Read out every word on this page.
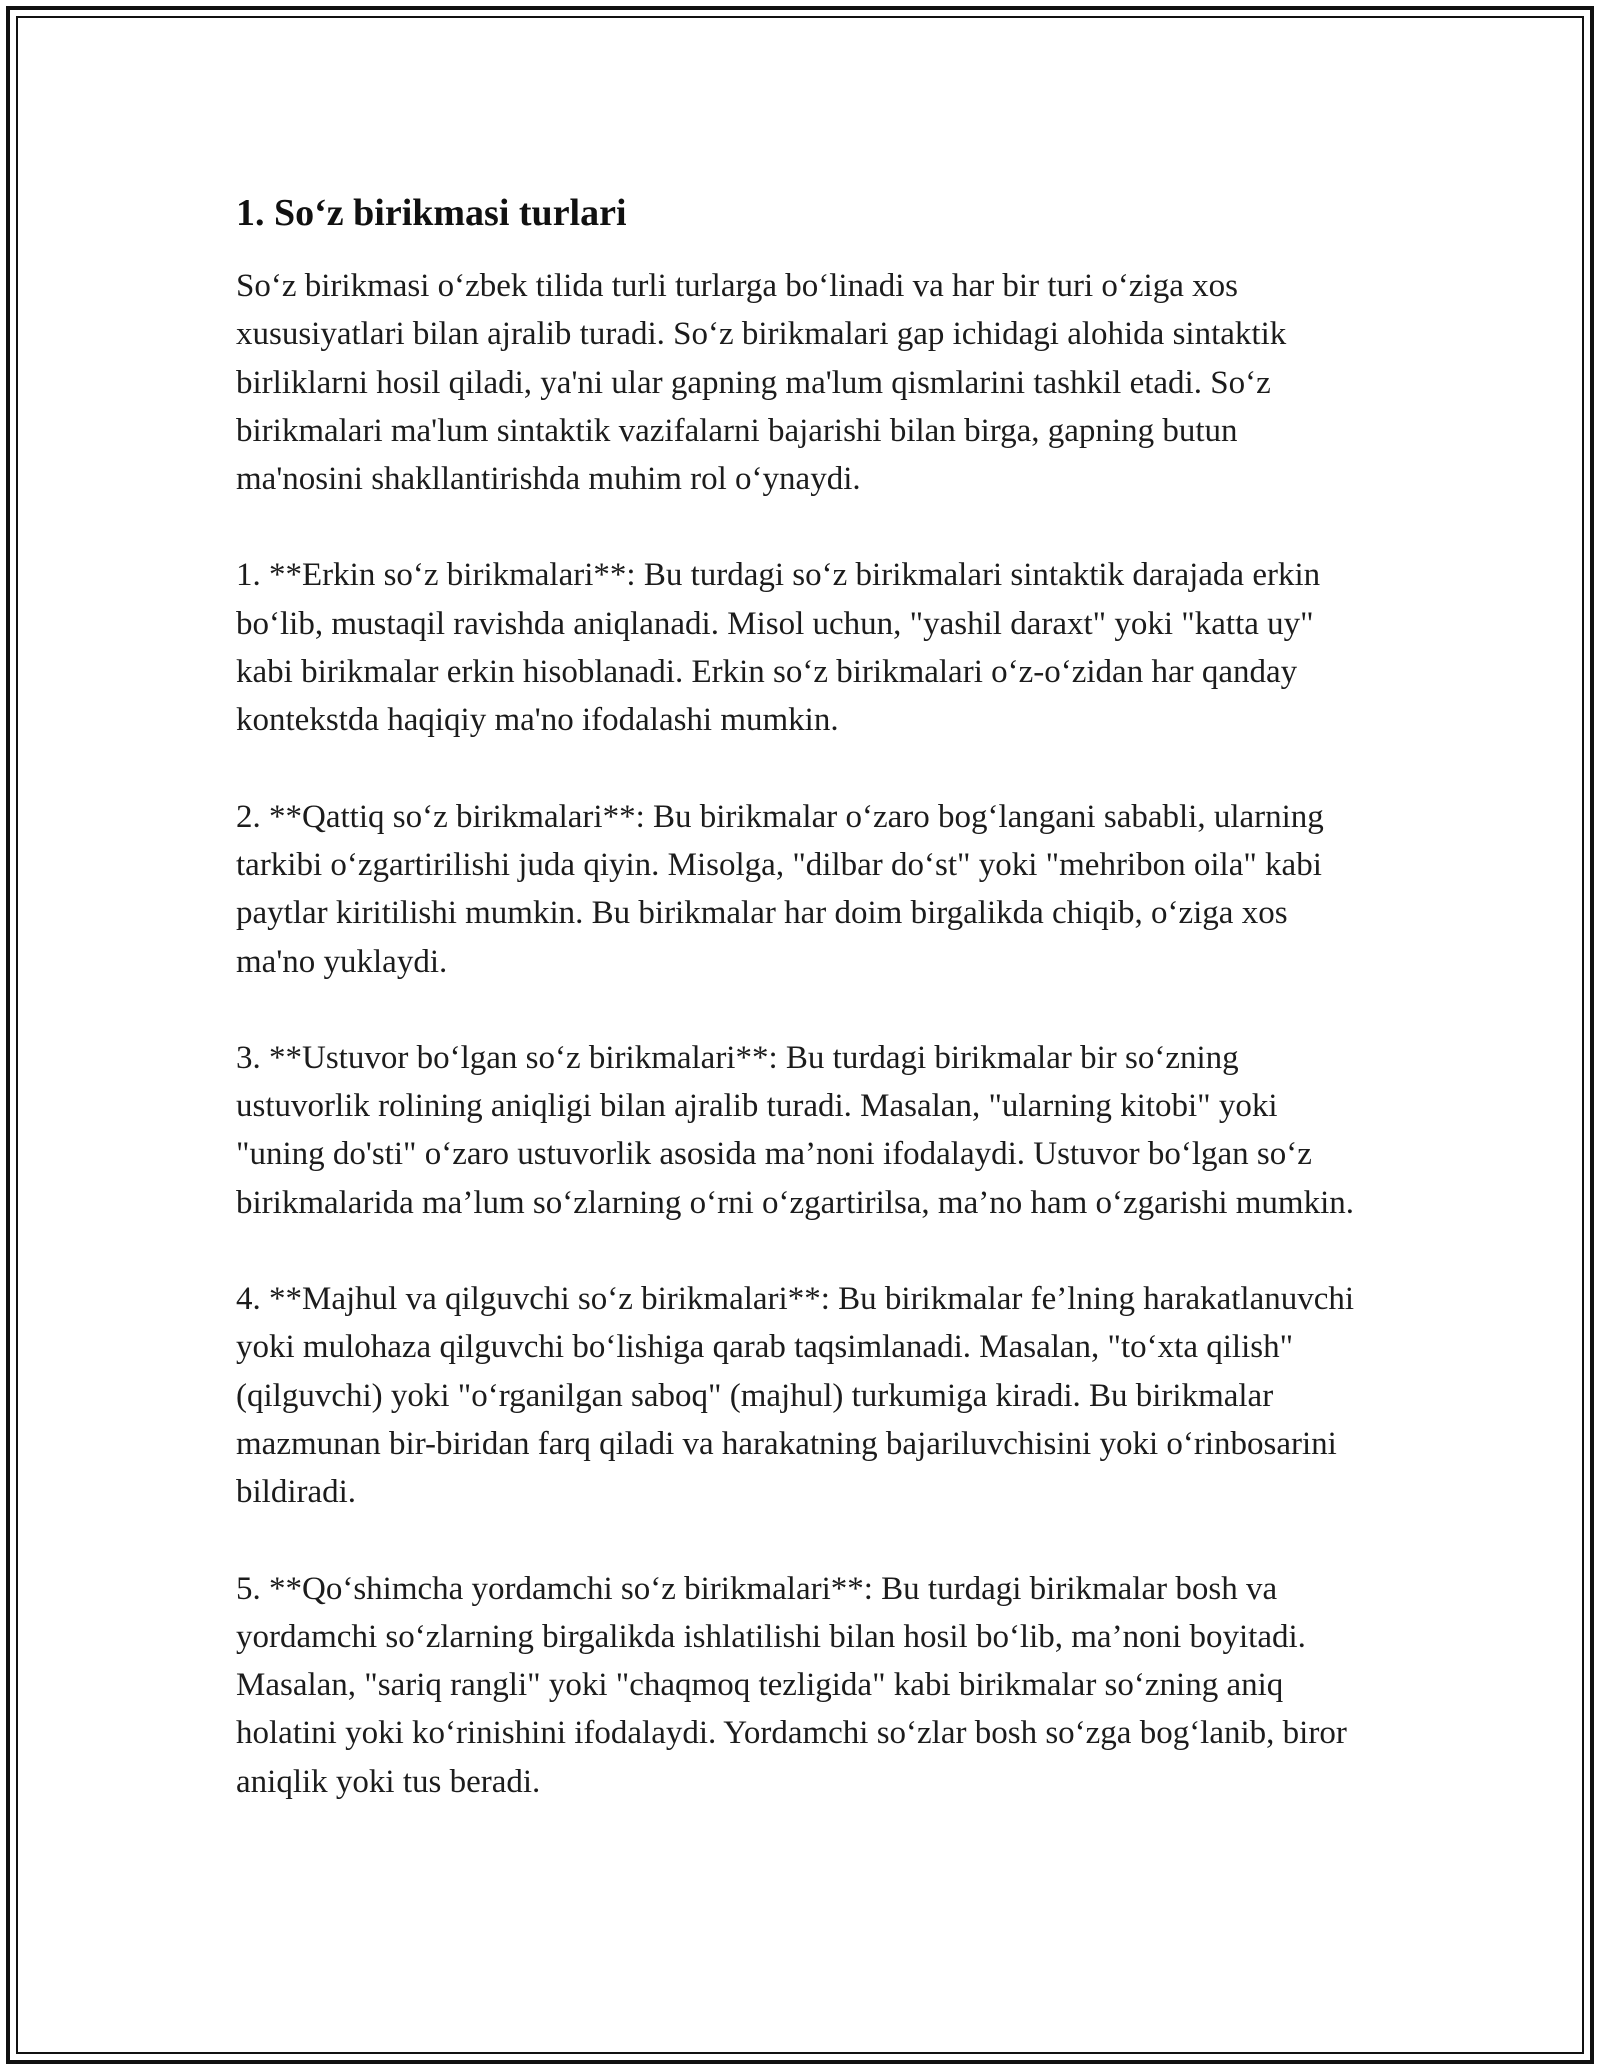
1. So‘z birikmasi turlari

So‘z birikmasi o‘zbek tilida turli turlarga bo‘linadi va har bir turi o‘ziga xos xususiyatlari bilan ajralib turadi. So‘z birikmalari gap ichidagi alohida sintaktik birliklarni hosil qiladi, ya'ni ular gapning ma'lum qismlarini tashkil etadi. So‘z birikmalari ma'lum sintaktik vazifalarni bajarishi bilan birga, gapning butun ma'nosini shakllantirishda muhim rol o‘ynaydi.

1. **Erkin so‘z birikmalari**: Bu turdagi so‘z birikmalari sintaktik darajada erkin bo‘lib, mustaqil ravishda aniqlanadi. Misol uchun, "yashil daraxt" yoki "katta uy" kabi birikmalar erkin hisoblanadi. Erkin so‘z birikmalari o‘z-o‘zidan har qanday kontekstda haqiqiy ma'no ifodalashi mumkin.

2. **Qattiq so‘z birikmalari**: Bu birikmalar o‘zaro bog‘langani sababli, ularning tarkibi o‘zgartirilishi juda qiyin. Misolga, "dilbar do‘st" yoki "mehribon oila" kabi paytlar kiritilishi mumkin. Bu birikmalar har doim birgalikda chiqib, o‘ziga xos ma'no yuklaydi.

3. **Ustuvor bo‘lgan so‘z birikmalari**: Bu turdagi birikmalar bir so‘zning ustuvorlik rolining aniqligi bilan ajralib turadi. Masalan, "ularning kitobi" yoki "uning do'sti" o‘zaro ustuvorlik asosida ma’noni ifodalaydi. Ustuvor bo‘lgan so‘z birikmalarida ma’lum so‘zlarning o‘rni o‘zgartirilsa, ma’no ham o‘zgarishi mumkin.

4. **Majhul va qilguvchi so‘z birikmalari**: Bu birikmalar fe’lning harakatlanuvchi yoki mulohaza qilguvchi bo‘lishiga qarab taqsimlanadi. Masalan, "to‘xta qilish" (qilguvchi) yoki "o‘rganilgan saboq" (majhul) turkumiga kiradi. Bu birikmalar mazmunan bir-biridan farq qiladi va harakatning bajariluvchisini yoki o‘rinbosarini bildiradi.

5. **Qo‘shimcha yordamchi so‘z birikmalari**: Bu turdagi birikmalar bosh va yordamchi so‘zlarning birgalikda ishlatilishi bilan hosil bo‘lib, ma’noni boyitadi. Masalan, "sariq rangli" yoki "chaqmoq tezligida" kabi birikmalar so‘zning aniq holatini yoki ko‘rinishini ifodalaydi. Yordamchi so‘zlar bosh so‘zga bog‘lanib, biror aniqlik yoki tus beradi.
